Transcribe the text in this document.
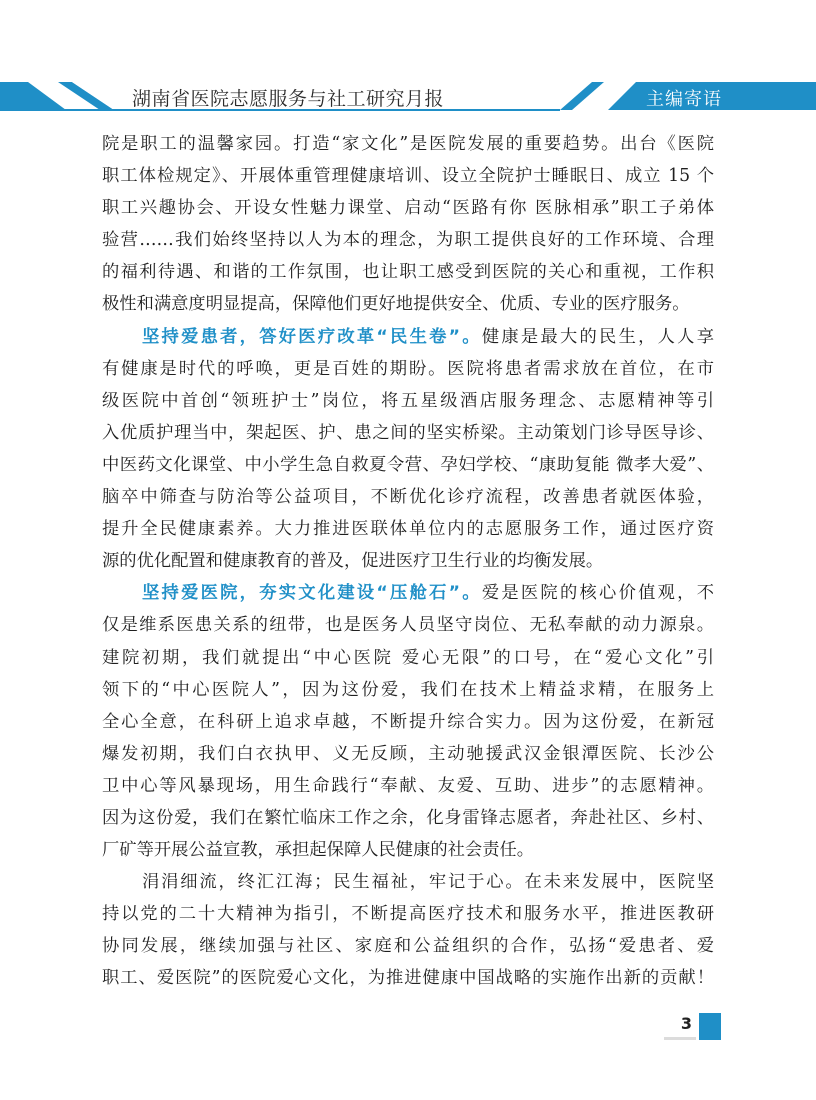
湖南省医院志愿服务与社工研究月报	主编寄语
院是职工的温馨家园。打造“家文化”是医院发展的重要趋势。出台《医院
职工体检规定》、开展体重管理健康培训、设立全院护士睡眠日、成立 15 个
职工兴趣协会、开设女性魅力课堂、启动“医路有你 医脉相承”职工子弟体
验营……我们始终坚持以人为本的理念，为职工提供良好的工作环境、合理
的福利待遇、和谐的工作氛围，也让职工感受到医院的关心和重视，工作积
极性和满意度明显提高，保障他们更好地提供安全、优质、专业的医疗服务。
坚持爱患者，答好医疗改革“民生卷”。健康是最大的民生，人人享
有健康是时代的呼唤，更是百姓的期盼。医院将患者需求放在首位，在市
级医院中首创“领班护士”岗位，将五星级酒店服务理念、志愿精神等引
入优质护理当中，架起医、护、患之间的坚实桥梁。主动策划门诊导医导诊、
中医药文化课堂、中小学生急自救夏令营、孕妇学校、“康助复能 微孝大爱”、
脑卒中筛查与防治等公益项目，不断优化诊疗流程，改善患者就医体验，
提升全民健康素养。大力推进医联体单位内的志愿服务工作，通过医疗资
源的优化配置和健康教育的普及，促进医疗卫生行业的均衡发展。
坚持爱医院，夯实文化建设“压舱石”。爱是医院的核心价值观，不
仅是维系医患关系的纽带，也是医务人员坚守岗位、无私奉献的动力源泉。
建院初期，我们就提出“中心医院 爱心无限”的口号，在“爱心文化”引
领下的“中心医院人”，因为这份爱，我们在技术上精益求精，在服务上
全心全意，在科研上追求卓越，不断提升综合实力。因为这份爱，在新冠
爆发初期，我们白衣执甲、义无反顾，主动驰援武汉金银潭医院、长沙公
卫中心等风暴现场，用生命践行“奉献、友爱、互助、进步”的志愿精神。
因为这份爱，我们在繁忙临床工作之余，化身雷锋志愿者，奔赴社区、乡村、
厂矿等开展公益宣教，承担起保障人民健康的社会责任。
涓涓细流，终汇江海；民生福祉，牢记于心。在未来发展中，医院坚
持以党的二十大精神为指引，不断提高医疗技术和服务水平，推进医教研
协同发展，继续加强与社区、家庭和公益组织的合作，弘扬“爱患者、爱
职工、爱医院”的医院爱心文化，为推进健康中国战略的实施作出新的贡献！
3
